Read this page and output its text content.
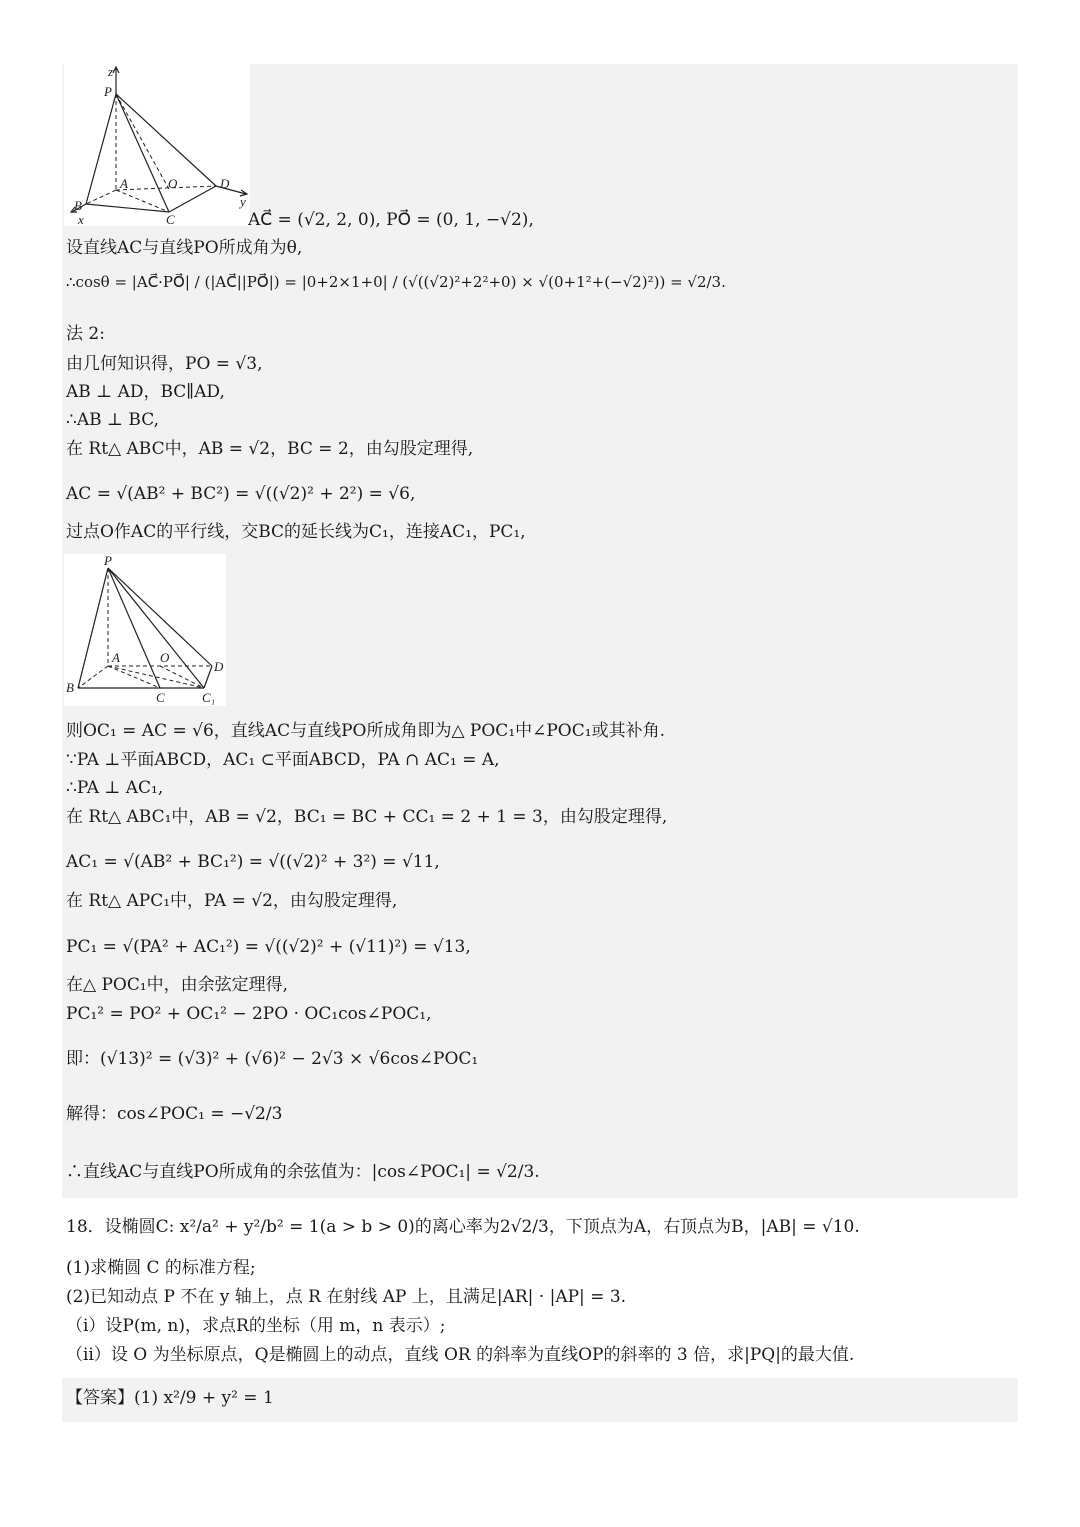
z
P
A	O	D
B
C
x
y
AC⃗ = (√2, 2, 0), PO⃗ = (0, 1, −√2),
设直线AC与直线PO所成角为θ,
∴cosθ = |AC⃗·PO⃗| / (|AC⃗||PO⃗|) = |0+2×1+0| / (√((√2)²+2²+0) × √(0+1²+(−√2)²)) = √2/3.
法 2:
由几何知识得，PO = √3,
AB ⊥ AD，BC∥AD,
∴AB ⊥ BC,
在 Rt△ ABC中，AB = √2，BC = 2，由勾股定理得,
AC = √(AB² + BC²) = √((√2)² + 2²) = √6,
过点O作AC的平行线，交BC的延长线为C₁，连接AC₁，PC₁,
P
A	O
D
B
C	C₁
则OC₁ = AC = √6，直线AC与直线PO所成角即为△ POC₁中∠POC₁或其补角.
∵PA ⊥平面ABCD，AC₁ ⊂平面ABCD，PA ∩ AC₁ = A,
∴PA ⊥ AC₁,
在 Rt△ ABC₁中，AB = √2，BC₁ = BC + CC₁ = 2 + 1 = 3，由勾股定理得,
AC₁ = √(AB² + BC₁²) = √((√2)² + 3²) = √11,
在 Rt△ APC₁中，PA = √2，由勾股定理得,
PC₁ = √(PA² + AC₁²) = √((√2)² + (√11)²) = √13,
在△ POC₁中，由余弦定理得,
PC₁² = PO² + OC₁² − 2PO · OC₁cos∠POC₁,
即：(√13)² = (√3)² + (√6)² − 2√3 × √6cos∠POC₁
解得：cos∠POC₁ = −√2/3
∴直线AC与直线PO所成角的余弦值为：|cos∠POC₁| = √2/3.
18．设椭圆C: x²/a² + y²/b² = 1(a > b > 0)的离心率为2√2/3，下顶点为A，右顶点为B，|AB| = √10.
(1)求椭圆 C 的标准方程;
(2)已知动点 P 不在 y 轴上，点 R 在射线 AP 上，且满足|AR| · |AP| = 3.
（i）设P(m, n)，求点R的坐标（用 m，n 表示）;
（ii）设 O 为坐标原点，Q是椭圆上的动点，直线 OR 的斜率为直线OP的斜率的 3 倍，求|PQ|的最大值.
【答案】(1) x²/9 + y² = 1
